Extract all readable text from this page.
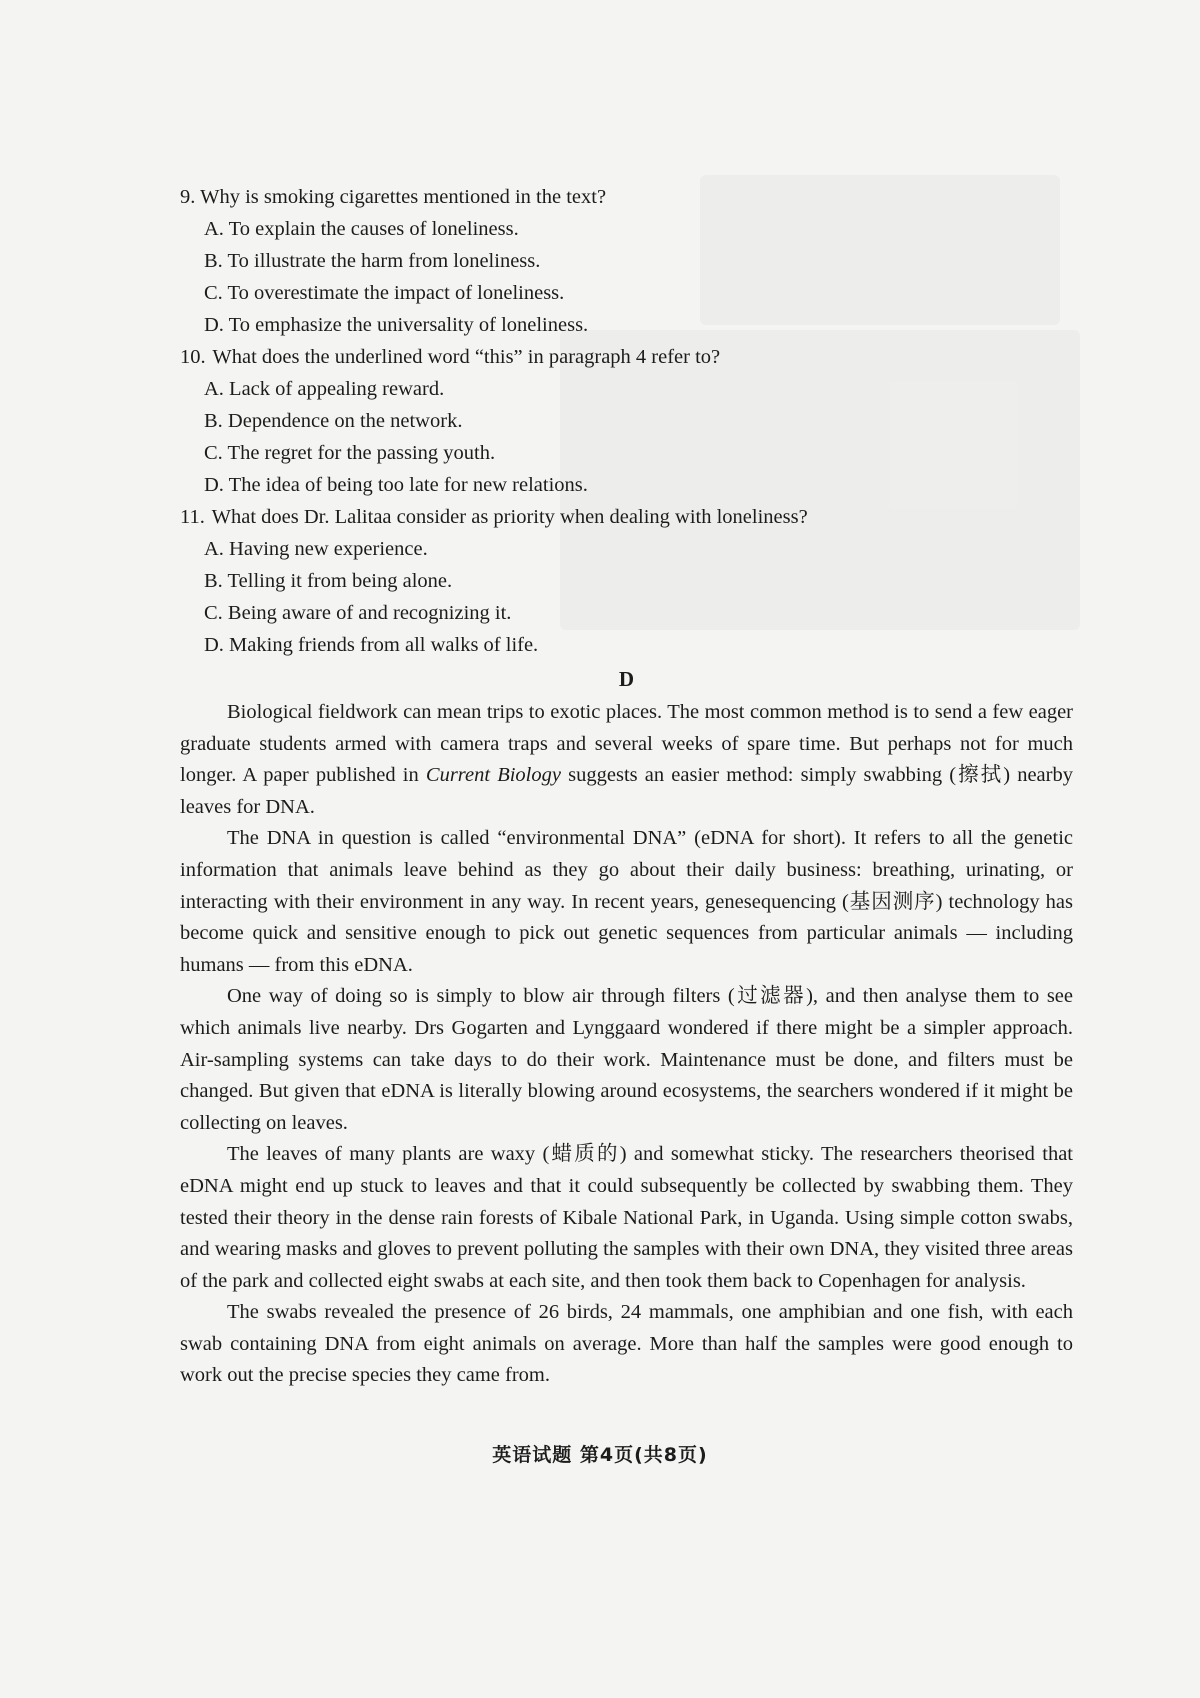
9. Why is smoking cigarettes mentioned in the text?
A. To explain the causes of loneliness.
B. To illustrate the harm from loneliness.
C. To overestimate the impact of loneliness.
D. To emphasize the universality of loneliness.
10. What does the underlined word “this” in paragraph 4 refer to?
A. Lack of appealing reward.
B. Dependence on the network.
C. The regret for the passing youth.
D. The idea of being too late for new relations.
11. What does Dr. Lalitaa consider as priority when dealing with loneliness?
A. Having new experience.
B. Telling it from being alone.
C. Being aware of and recognizing it.
D. Making friends from all walks of life.
D

Biological fieldwork can mean trips to exotic places. The most common method is to send a few eager graduate students armed with camera traps and several weeks of spare time. But perhaps not for much longer. A paper published in Current Biology suggests an easier method: simply swabbing (擦拭) nearby leaves for DNA.

The DNA in question is called “environmental DNA” (eDNA for short). It refers to all the genetic information that animals leave behind as they go about their daily business: breathing, urinating, or interacting with their environment in any way. In recent years, genesequencing (基因测序) technology has become quick and sensitive enough to pick out genetic sequences from particular animals — including humans — from this eDNA.

One way of doing so is simply to blow air through filters (过滤器), and then analyse them to see which animals live nearby. Drs Gogarten and Lynggaard wondered if there might be a simpler approach. Air-sampling systems can take days to do their work. Maintenance must be done, and filters must be changed. But given that eDNA is literally blowing around ecosystems, the searchers wondered if it might be collecting on leaves.

The leaves of many plants are waxy (蜡质的) and somewhat sticky. The researchers theorised that eDNA might end up stuck to leaves and that it could subsequently be collected by swabbing them. They tested their theory in the dense rain forests of Kibale National Park, in Uganda. Using simple cotton swabs, and wearing masks and gloves to prevent polluting the samples with their own DNA, they visited three areas of the park and collected eight swabs at each site, and then took them back to Copenhagen for analysis.

The swabs revealed the presence of 26 birds, 24 mammals, one amphibian and one fish, with each swab containing DNA from eight animals on average. More than half the samples were good enough to work out the precise species they came from.

英语试题 第4页(共8页)
